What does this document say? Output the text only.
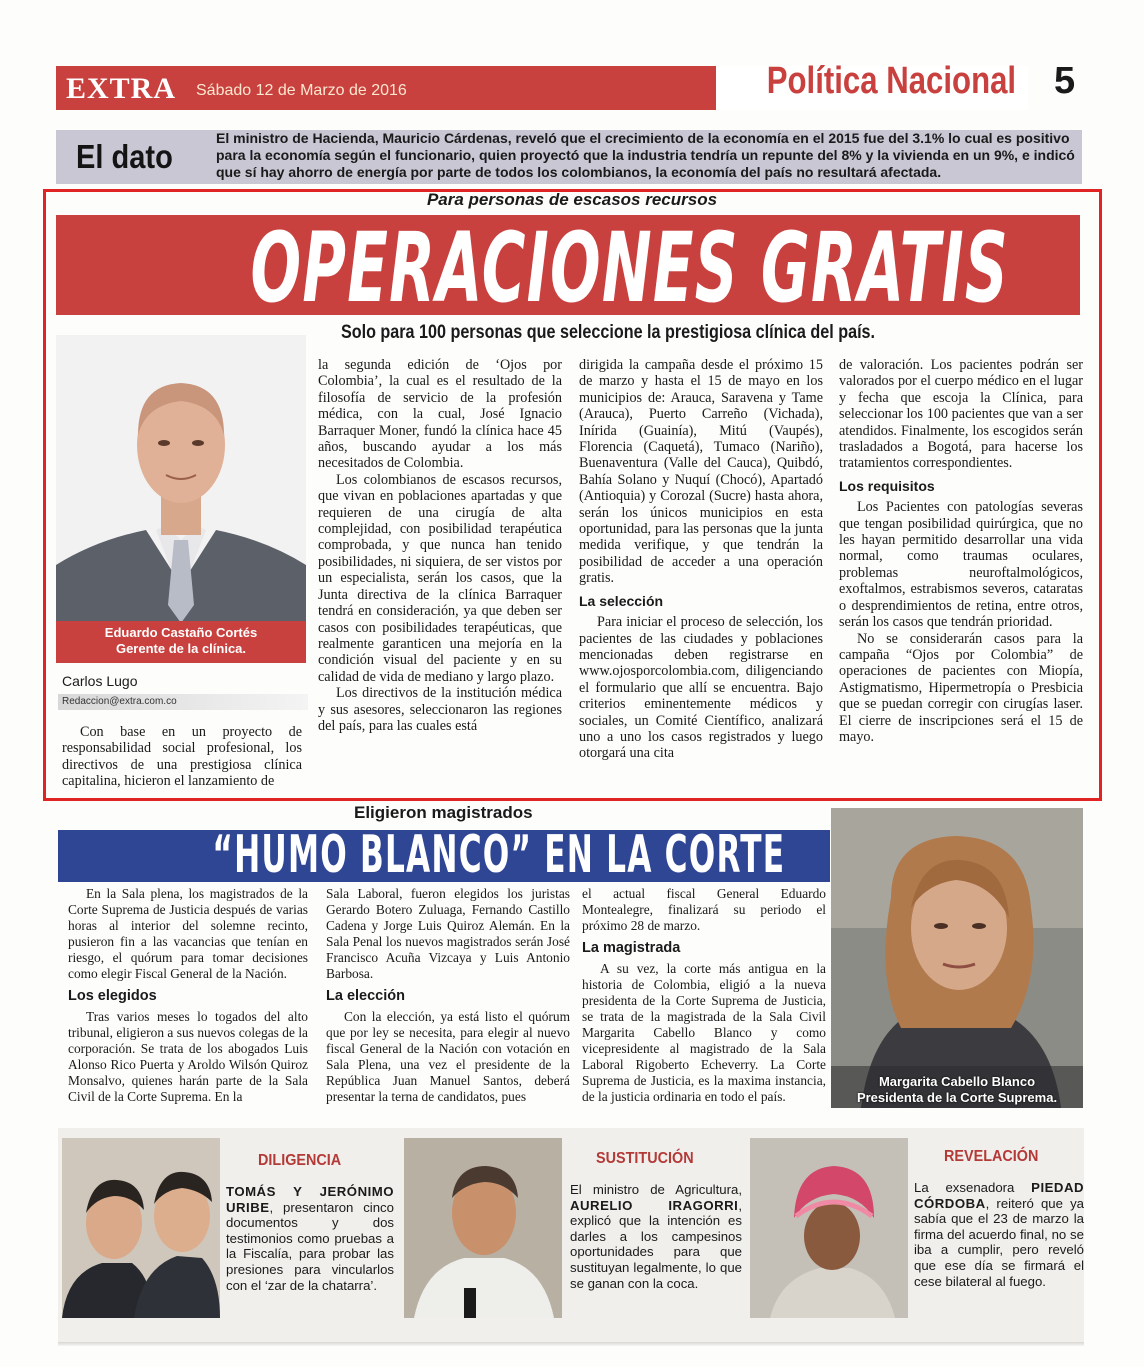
EXTRA Sábado 12 de Marzo de 2016	Política Nacional 5
El dato	El ministro de Hacienda, Mauricio Cárdenas, reveló que el crecimiento de la economía en el 2015 fue del 3.1% lo cual es positivo para la economía según el funcionario, quien proyectó que la industria tendría un repunte del 8% y la vivienda en un 9%, e indicó que sí hay ahorro de energía por parte de todos los colombianos, la economía del país no resultará afectada.
Para personas de escasos recursos
OPERACIONES GRATIS
Solo para 100 personas que seleccione la prestigiosa clínica del país.
Eduardo Castaño Cortés
Gerente de la clínica.
Carlos Lugo
Redaccion@extra.com.co
Con base en un proyecto de responsabilidad social profesional, los directivos de una prestigiosa clínica capitalina, hicieron el lanzamiento de
la segunda edición de ‘Ojos por Colombia’, la cual es el resultado de la filosofía de servicio de la profesión médica, con la cual, José Ignacio Barraquer Moner, fundó la clínica hace 45 años, buscando ayudar a los más necesitados de Colombia.
Los colombianos de escasos recursos, que vivan en poblaciones apartadas y que requieren de una cirugía de alta complejidad, con posibilidad terapéutica comprobada, y que nunca han tenido posibilidades, ni siquiera, de ser vistos por un especialista, serán los casos, que la Junta directiva de la clínica Barraquer tendrá en consideración, ya que deben ser casos con posibilidades terapéuticas, que realmente garanticen una mejoría en la condición visual del paciente y en su calidad de vida de mediano y largo plazo.
Los directivos de la institución médica y sus asesores, seleccionaron las regiones del país, para las cuales está
dirigida la campaña desde el próximo 15 de marzo y hasta el 15 de mayo en los municipios de: Arauca, Saravena y Tame (Arauca), Puerto Carreño (Vichada), Inírida (Guainía), Mitú (Vaupés), Florencia (Caquetá), Tumaco (Nariño), Buenaventura (Valle del Cauca), Quibdó, Bahía Solano y Nuquí (Chocó), Apartadó (Antioquia) y Corozal (Sucre) hasta ahora, serán los únicos municipios en esta oportunidad, para las personas que la junta medida verifique, y que tendrán la posibilidad de acceder a una operación gratis.
La selección
Para iniciar el proceso de selección, los pacientes de las ciudades y poblaciones mencionadas deben registrarse en www.ojosporcolombia.com, diligenciando el formulario que allí se encuentra. Bajo criterios eminentemente médicos y sociales, un Comité Científico, analizará uno a uno los casos registrados y luego otorgará una cita
de valoración. Los pacientes podrán ser valorados por el cuerpo médico en el lugar y fecha que escoja la Clínica, para seleccionar los 100 pacientes que van a ser atendidos. Finalmente, los escogidos serán trasladados a Bogotá, para hacerse los tratamientos correspondientes.
Los requisitos
Los Pacientes con patologías severas que tengan posibilidad quirúrgica, que no les hayan permitido desarrollar una vida normal, como traumas oculares, problemas neuroftalmológicos, exoftalmos, estrabismos severos, cataratas o desprendimientos de retina, entre otros, serán los casos que tendrán prioridad.
No se considerarán casos para la campaña “Ojos por Colombia” de operaciones de pacientes con Miopía, Astigmatismo, Hipermetropía o Presbicia que se puedan corregir con cirugías laser. El cierre de inscripciones será el 15 de mayo.
Eligieron magistrados
“HUMO BLANCO” EN LA CORTE
En la Sala plena, los magistrados de la Corte Suprema de Justicia después de varias horas al interior del solemne recinto, pusieron fin a las vacancias que tenían en riesgo, el quórum para tomar decisiones como elegir Fiscal General de la Nación.
Los elegidos
Tras varios meses lo togados del alto tribunal, eligieron a sus nuevos colegas de la corporación. Se trata de los abogados Luis Alonso Rico Puerta y Aroldo Wilsón Quiroz Monsalvo, quienes harán parte de la Sala Civil de la Corte Suprema. En la
Sala Laboral, fueron elegidos los juristas Gerardo Botero Zuluaga, Fernando Castillo Cadena y Jorge Luis Quiroz Alemán. En la Sala Penal los nuevos magistrados serán José Francisco Acuña Vizcaya y Luis Antonio Barbosa.
La elección
Con la elección, ya está listo el quórum que por ley se necesita, para elegir al nuevo fiscal General de la Nación con votación en Sala Plena, una vez el presidente de la República Juan Manuel Santos, deberá presentar la terna de candidatos, pues
el actual fiscal General Eduardo Montealegre, finalizará su periodo el próximo 28 de marzo.
La magistrada
A su vez, la corte más antigua en la historia de Colombia, eligió a la nueva presidenta de la Corte Suprema de Justicia, se trata de la magistrada de la Sala Civil Margarita Cabello Blanco y como vicepresidente al magistrado de la Sala Laboral Rigoberto Echeverry. La Corte Suprema de Justicia, es la maxima instancia, de la justicia ordinaria en todo el país.
Margarita Cabello Blanco
Presidenta de la Corte Suprema.
DILIGENCIA
TOMÁS Y JERÓNIMO URIBE, presentaron cinco documentos y dos testimonios como pruebas a la Fiscalía, para probar las presiones para vincularlos con el ‘zar de la chatarra’.
SUSTITUCIÓN
El ministro de Agricultura, AURELIO IRAGORRI, explicó que la intención es darles a los campesinos oportunidades para que sustituyan legalmente, lo que se ganan con la coca.
REVELACIÓN
La exsenadora PIEDAD CÓRDOBA, reiteró que ya sabía que el 23 de marzo la firma del acuerdo final, no se iba a cumplir, pero reveló que ese día se firmará el cese bilateral al fuego.
